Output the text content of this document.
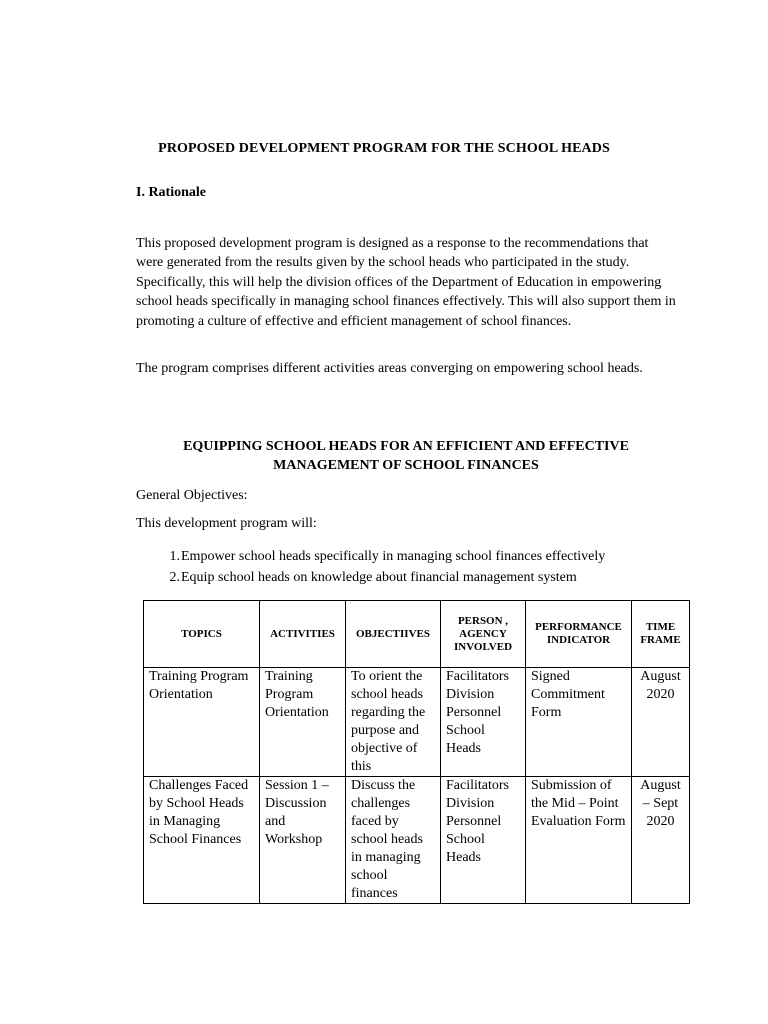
PROPOSED DEVELOPMENT PROGRAM FOR THE SCHOOL HEADS
I. Rationale

This proposed development program is designed as a response to the recommendations that were generated from the results given by the school heads who participated in the study. Specifically, this will help the division offices of the Department of Education in empowering school heads specifically in managing school finances effectively. This will also support them in promoting a culture of effective and efficient management of school finances.

The program comprises different activities areas converging on empowering school heads.

EQUIPPING SCHOOL HEADS FOR AN EFFICIENT AND EFFECTIVE MANAGEMENT OF SCHOOL FINANCES
General Objectives:
This development program will:
1. Empower school heads specifically in managing school finances effectively
2. Equip school heads on knowledge about financial management system
TOPICS	ACTIVITIES	OBJECTIIVES	PERSON , AGENCY INVOLVED	PERFORMANCE INDICATOR	TIME FRAME
Training Program Orientation	Training Program Orientation	To orient the school heads regarding the purpose and objective of this	Facilitators Division Personnel School Heads	Signed Commitment Form	August 2020
Challenges Faced by School Heads in Managing School Finances	Session 1 – Discussion and Workshop	Discuss the challenges faced by school heads in managing school finances	Facilitators Division Personnel School Heads	Submission of the Mid – Point Evaluation Form	August – Sept 2020
